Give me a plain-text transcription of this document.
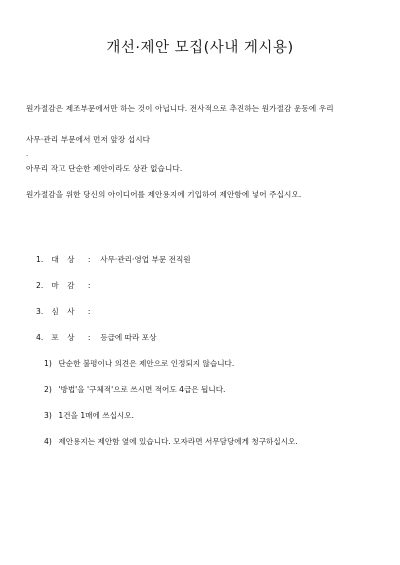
개선·제안 모집(사내 게시용)
원가절감은 제조부문에서만 하는 것이 아닙니다. 전사적으로 추진하는 원가절감 운동에 우리
사무·관리 부문에서 먼저 앞장 섭시다
.
아무리 작고 단순한 제안이라도 상관 없습니다.
원가절감을 위한 당신의 아이디어를 제안용지에 기입하여 제안함에 넣어 주십시오.
1. 대 상 : 사무·관리·영업 부문 전직원
2. 마 감 :
3. 심 사 :
4. 포 상 : 등급에 따라 포상
1) 단순한 불평이나 의견은 제안으로 인정되지 않습니다.
2) '방법'을 '구체적'으로 쓰시면 적어도 4급은 됩니다.
3) 1건을 1매에 쓰십시오.
4) 제안용지는 제안함 옆에 있습니다. 모자라면 서무담당에게 청구하십시오.
